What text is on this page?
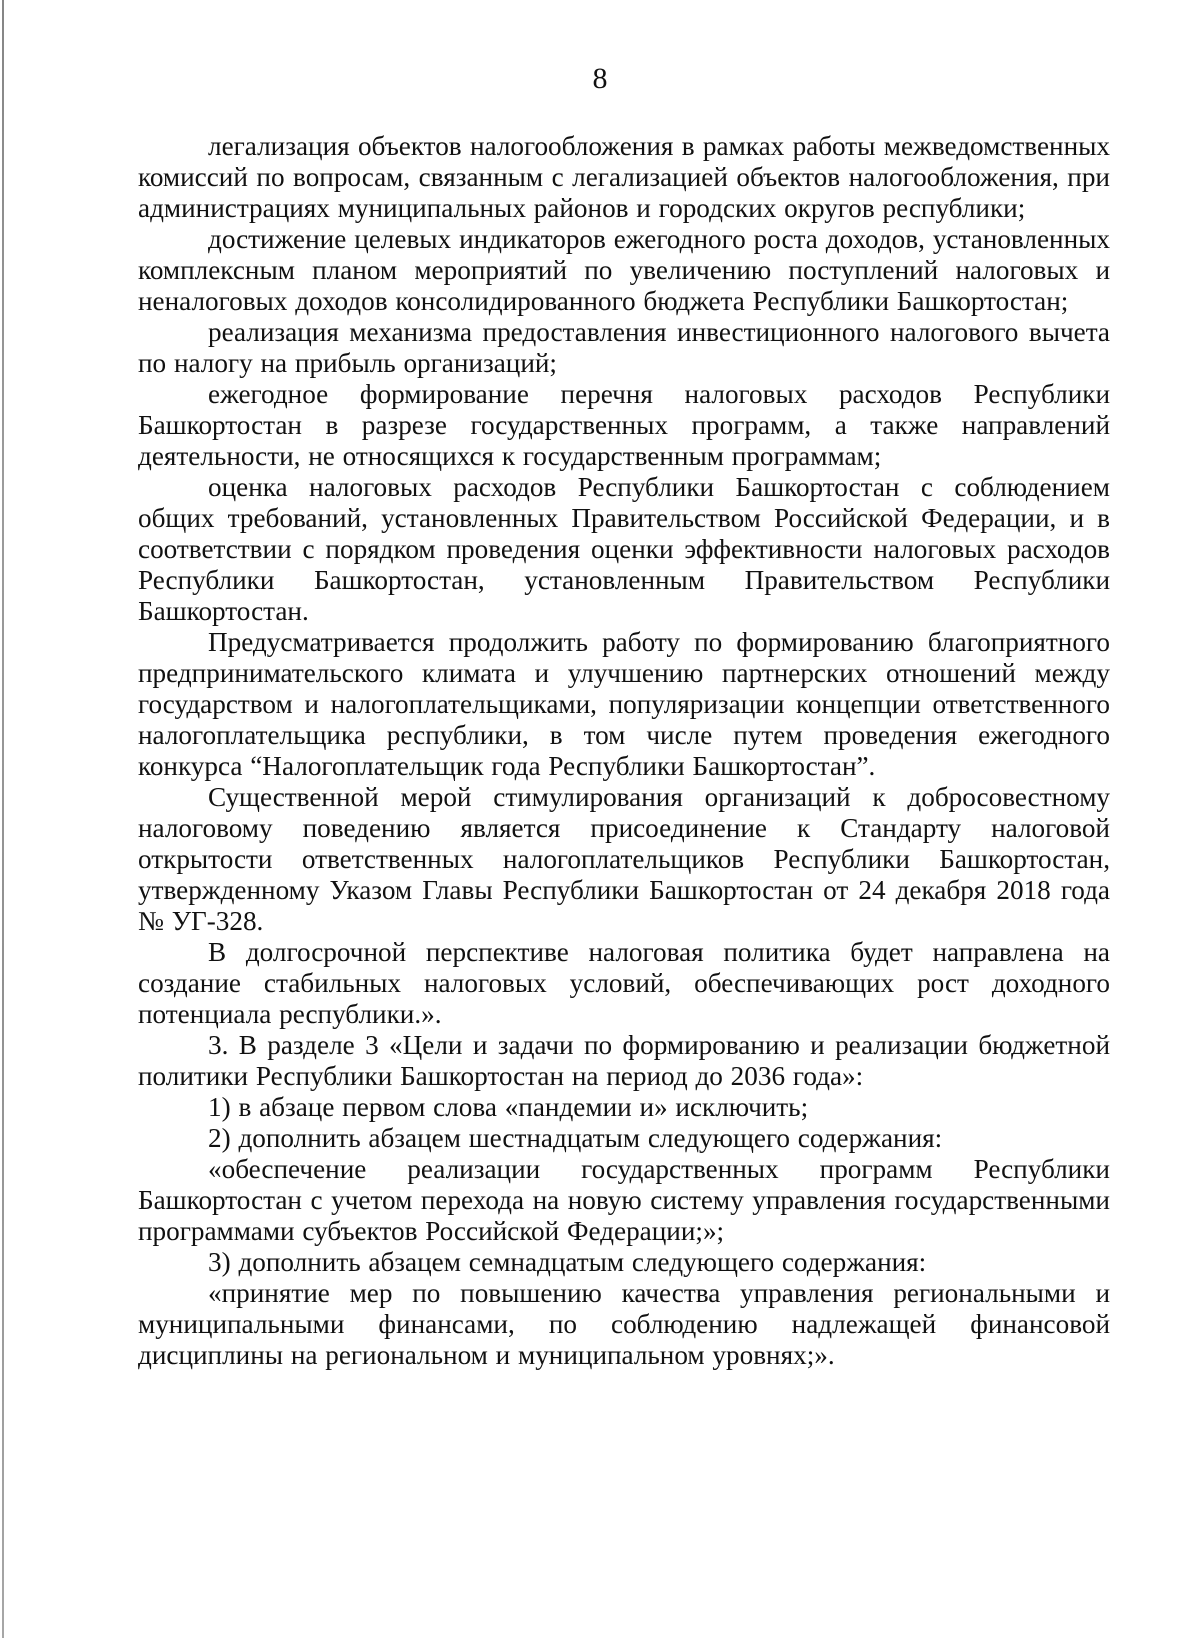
8

легализация объектов налогообложения в рамках работы межведомственных комиссий по вопросам, связанным с легализацией объектов налогообложения, при администрациях муниципальных районов и городских округов республики;

достижение целевых индикаторов ежегодного роста доходов, установленных комплексным планом мероприятий по увеличению поступлений налоговых и неналоговых доходов консолидированного бюджета Республики Башкортостан;

реализация механизма предоставления инвестиционного налогового вычета по налогу на прибыль организаций;

ежегодное формирование перечня налоговых расходов Республики Башкортостан в разрезе государственных программ, а также направлений деятельности, не относящихся к государственным программам;

оценка налоговых расходов Республики Башкортостан с соблюдением общих требований, установленных Правительством Российской Федерации, и в соответствии с порядком проведения оценки эффективности налоговых расходов Республики Башкортостан, установленным Правительством Республики Башкортостан.

Предусматривается продолжить работу по формированию благоприятного предпринимательского климата и улучшению партнерских отношений между государством и налогоплательщиками, популяризации концепции ответственного налогоплательщика республики, в том числе путем проведения ежегодного конкурса “Налогоплательщик года Республики Башкортостан”.

Существенной мерой стимулирования организаций к добросовестному налоговому поведению является присоединение к Стандарту налоговой открытости ответственных налогоплательщиков Республики Башкортостан, утвержденному Указом Главы Республики Башкортостан от 24 декабря 2018 года № УГ-328.

В долгосрочной перспективе налоговая политика будет направлена на создание стабильных налоговых условий, обеспечивающих рост доходного потенциала республики.».

3. В разделе 3 «Цели и задачи по формированию и реализации бюджетной политики Республики Башкортостан на период до 2036 года»:

1) в абзаце первом слова «пандемии и» исключить;

2) дополнить абзацем шестнадцатым следующего содержания:

«обеспечение реализации государственных программ Республики Башкортостан с учетом перехода на новую систему управления государственными программами субъектов Российской Федерации;»;

3) дополнить абзацем семнадцатым следующего содержания:

«принятие мер по повышению качества управления региональными и муниципальными финансами, по соблюдению надлежащей финансовой дисциплины на региональном и муниципальном уровнях;».
